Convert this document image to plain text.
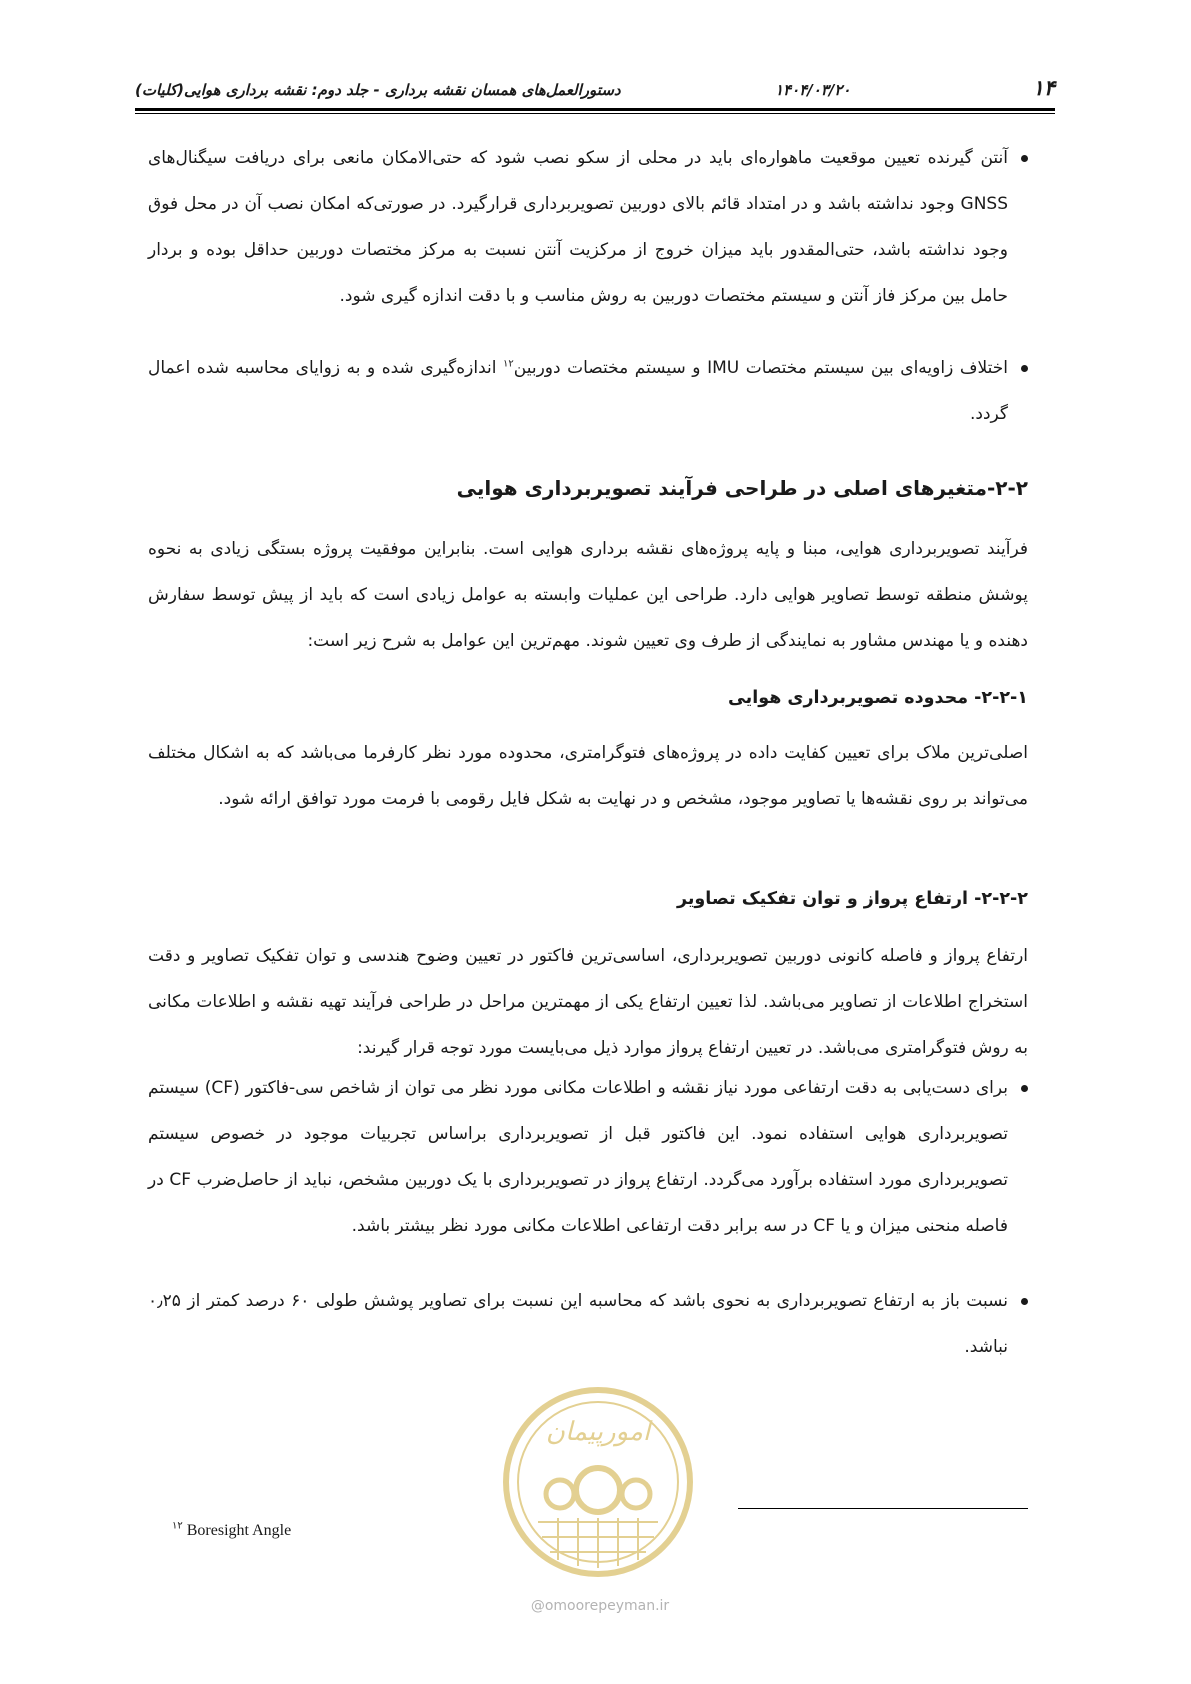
دستورالعمل‌های همسان نقشه برداری - جلد دوم: نقشه برداری هوایی(کلیات)	۱۴۰۴/۰۳/۲۰	۱۴

آنتن گیرنده تعیین موقعیت ماهواره‌ای باید در محلی از سکو نصب شود که حتی‌الامکان مانعی برای دریافت سیگنال‌های GNSS وجود نداشته باشد و در امتداد قائم بالای دوربین تصویربرداری قرارگیرد. در صورتی‌که امکان نصب آن در محل فوق وجود نداشته باشد، حتی‌المقدور باید میزان خروج از مرکزیت آنتن نسبت به مرکز مختصات دوربین حداقل بوده و بردار حامل بین مرکز فاز آنتن و سیستم مختصات دوربین به روش مناسب و با دقت اندازه گیری شود.

اختلاف زاویه‌ای بین سیستم مختصات IMU و سیستم مختصات دوربین$^{۱۲}$ اندازه‌گیری شده و به زوایای محاسبه شده اعمال گردد.

۲-۲-متغیرهای اصلی در طراحی فرآیند تصویربرداری هوایی

فرآیند تصویربرداری هوایی، مبنا و پایه پروژه‌های نقشه برداری هوایی است. بنابراین موفقیت پروژه بستگی زیادی به نحوه پوشش منطقه توسط تصاویر هوایی دارد. طراحی این عملیات وابسته به عوامل زیادی است که باید از پیش توسط سفارش دهنده و یا مهندس مشاور به نمایندگی از طرف وی تعیین شوند. مهم‌ترین این عوامل به شرح زیر است:

۲-۲-۱- محدوده تصویربرداری هوایی

اصلی‌ترین ملاک برای تعیین کفایت داده در پروژه‌های فتوگرامتری، محدوده مورد نظر کارفرما می‌باشد که به اشکال مختلف می‌تواند بر روی نقشه‌ها یا تصاویر موجود، مشخص و در نهایت به شکل فایل رقومی با فرمت مورد توافق ارائه شود.

۲-۲-۲- ارتفاع پرواز و توان تفکیک تصاویر

ارتفاع پرواز و فاصله کانونی دوربین تصویربرداری، اساسی‌ترین فاکتور در تعیین وضوح هندسی و توان تفکیک تصاویر و دقت استخراج اطلاعات از تصاویر می‌باشد. لذا تعیین ارتفاع یکی از مهمترین مراحل در طراحی فرآیند تهیه نقشه و اطلاعات مکانی به روش فتوگرامتری می‌باشد. در تعیین ارتفاع پرواز موارد ذیل می‌بایست مورد توجه قرار گیرند:

برای دست‌یابی به دقت ارتفاعی مورد نیاز نقشه و اطلاعات مکانی مورد نظر می توان از شاخص سی-فاکتور (CF) سیستم تصویربرداری هوایی استفاده نمود. این فاکتور قبل از تصویربرداری براساس تجربیات موجود در خصوص سیستم تصویربرداری مورد استفاده برآورد می‌گردد. ارتفاع پرواز در تصویربرداری با یک دوربین مشخص، نباید از حاصل‌ضرب CF در فاصله منحنی میزان و یا CF در سه برابر دقت ارتفاعی اطلاعات مکانی مورد نظر بیشتر باشد.

نسبت باز به ارتفاع تصویربرداری به نحوی باشد که محاسبه این نسبت برای تصاویر پوشش طولی ۶۰ درصد کمتر از ۰٫۲۵ نباشد.

امورپیمان
$^{۱۲}$ Boresight Angle
@omoorepeyman.ir
